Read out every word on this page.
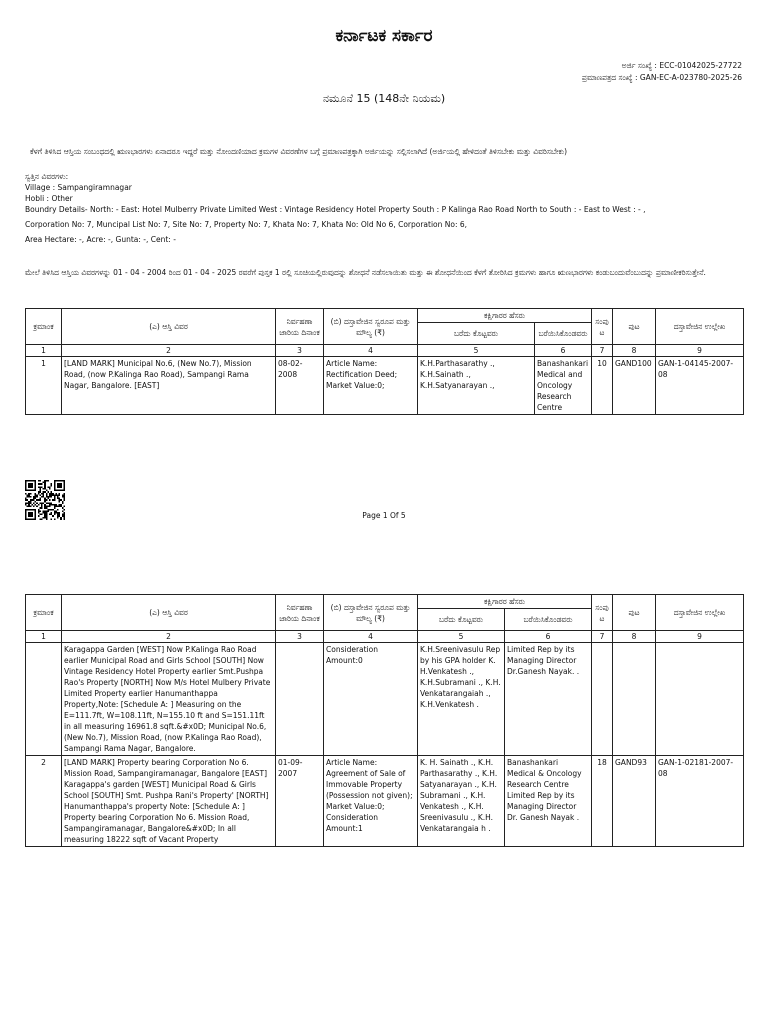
ಕರ್ನಾಟಕ ಸರ್ಕಾರ
ಅರ್ಜಿ ಸಂಖ್ಯೆ : ECC-01042025-27722
ಪ್ರಮಾಣಪತ್ರದ ಸಂಖ್ಯೆ : GAN-EC-A-023780-2025-26
ನಮೂನೆ 15 (148ನೇ ನಿಯಮ)
ಕೆಳಗೆ ತಿಳಿಸಿದ ಆಸ್ತಿಯ ಸಂಬಂಧದಲ್ಲಿ ಋಣಭಾರಗಳು ಏನಾದರೂ ಇದ್ದರೆ ಮತ್ತು ನೋಂದಣಿಯಾದ ಕ್ರಮಗಳ ವಿವರಣೆಗಳ ಬಗ್ಗೆ ಪ್ರಮಾಣಪತ್ರಕ್ಕಾಗಿ ಅರ್ಜಿಯನ್ನು ಸಲ್ಲಿಸಲಾಗಿದೆ (ಅರ್ಜಿಯಲ್ಲಿ ಹೇಳಿದಂತೆ ತಿಳಿಸಬೇಕು ಮತ್ತು ವಿವರಿಸಬೇಕು)
ಸ್ವತ್ತಿನ ವಿವರಗಳು:
Village : Sampangiramnagar
Hobli : Other
Boundry Details- North: - East: Hotel Mulberry Private Limited West : Vintage Residency Hotel Property South : P Kalinga Rao Road North to South : - East to West : - ,
Corporation No: 7, Muncipal List No: 7, Site No: 7, Property No: 7, Khata No: 7, Khata No: Old No 6, Corporation No: 6,
Area Hectare: -, Acre: -, Gunta: -, Cent: -
ಮೇಲೆ ತಿಳಿಸಿದ ಆಸ್ತಿಯ ವಿವರಗಳನ್ನು 01 - 04 - 2004 ರಿಂದ 01 - 04 - 2025 ರವರೆಗೆ ಪುಸ್ತಕ 1 ರಲ್ಲಿ ಸೂಚಿಯಲ್ಲಿರುವುದನ್ನು ಶೋಧನೆ ನಡೆಸಲಾಯಿತು ಮತ್ತು ಈ ಶೋಧನೆಯಿಂದ ಕೆಳಗೆ ತೋರಿಸಿದ ಕ್ರಮಗಳು ಹಾಗೂ ಋಣಭಾರಗಳು ಕಂಡುಬಂದುವೆಂಬುದನ್ನು ಪ್ರಮಾಣೀಕರಿಸುತ್ತೇನೆ.
ಕ್ರಮಾಂಕ	(ಎ) ಆಸ್ತಿ ವಿವರ	ನಿರ್ವಹಣಾ ಜಾರಿಯ ದಿನಾಂಕ	(ಬಿ) ದಸ್ತಾವೇಜಿನ ಸ್ವರೂಪ ಮತ್ತು ಮೌಲ್ಯ (₹)	ಕಕ್ಷಿಗಾರರ ಹೆಸರು		ಸಂಪುಟ	ಪುಟ	ದಸ್ತಾವೇಜಿನ ಉಲ್ಲೇಖ
				ಬರೆದು ಕೊಟ್ಟವರು	ಬರೆಯಿಸಿಕೊಂಡವರು			
1	2	3	4	5	6	7	8	9
1	[LAND MARK] Municipal No.6, (New No.7), Mission Road, (now P.Kalinga Rao Road), Sampangi Rama Nagar, Bangalore. [EAST]	08-02-2008	Article Name: Rectification Deed; Market Value:0;	K.H.Parthasarathy ., K.H.Sainath ., K.H.Satyanarayan .,	Banashankari Medical and Oncology Research Centre	10	GAND100	GAN-1-04145-2007-08
Page 1 Of 5
ಕ್ರಮಾಂಕ	(ಎ) ಆಸ್ತಿ ವಿವರ	ನಿರ್ವಹಣಾ ಜಾರಿಯ ದಿನಾಂಕ	(ಬಿ) ದಸ್ತಾವೇಜಿನ ಸ್ವರೂಪ ಮತ್ತು ಮೌಲ್ಯ (₹)	ಕಕ್ಷಿಗಾರರ ಹೆಸರು		ಸಂಪುಟ	ಪುಟ	ದಸ್ತಾವೇಜಿನ ಉಲ್ಲೇಖ
				ಬರೆದು ಕೊಟ್ಟವರು	ಬರೆಯಿಸಿಕೊಂಡವರು			
1	2	3	4	5	6	7	8	9
	Karagappa Garden [WEST] Now P.Kalinga Rao Road earlier Municipal Road and Girls School [SOUTH] Now Vintage Residency Hotel Property earlier Smt.Pushpa Rao's Property [NORTH] Now M/s Hotel Mulbery Private Limited Property earlier Hanumanthappa Property,Note: [Schedule A: ] Measuring on the E=111.7ft, W=108.11ft, N=155.10 ft and S=151.11ft in all measuring 16961.8 sqft.&#x0D; Municipal No.6, (New No.7), Mission Road, (now P.Kalinga Rao Road), Sampangi Rama Nagar, Bangalore.		Consideration Amount:0	K.H.Sreenivasulu Rep by his GPA holder K. H.Venkatesh ., K.H.Subramani ., K.H. Venkatarangaiah ., K.H.Venkatesh .	Limited Rep by its Managing Director Dr.Ganesh Nayak. .			
2	[LAND MARK] Property bearing Corporation No 6. Mission Road, Sampangiramanagar, Bangalore [EAST] Karagappa's garden [WEST] Municipal Road & Girls School [SOUTH] Smt. Pushpa Rani's Property' [NORTH] Hanumanthappa's property Note: [Schedule A: ] Property bearing Corporation No 6. Mission Road, Sampangiramanagar, Bangalore&#x0D; In all measuring 18222 sqft of Vacant Property	01-09-2007	Article Name: Agreement of Sale of Immovable Property (Possession not given); Market Value:0; Consideration Amount:1	K. H. Sainath ., K.H. Parthasarathy ., K.H. Satyanarayan ., K.H. Subramani ., K.H. Venkatesh ., K.H. Sreenivasulu ., K.H. Venkatarangaia h .	Banashankari Medical & Oncology Research Centre Limited Rep by its Managing Director Dr. Ganesh Nayak .	18	GAND93	GAN-1-02181-2007-08
